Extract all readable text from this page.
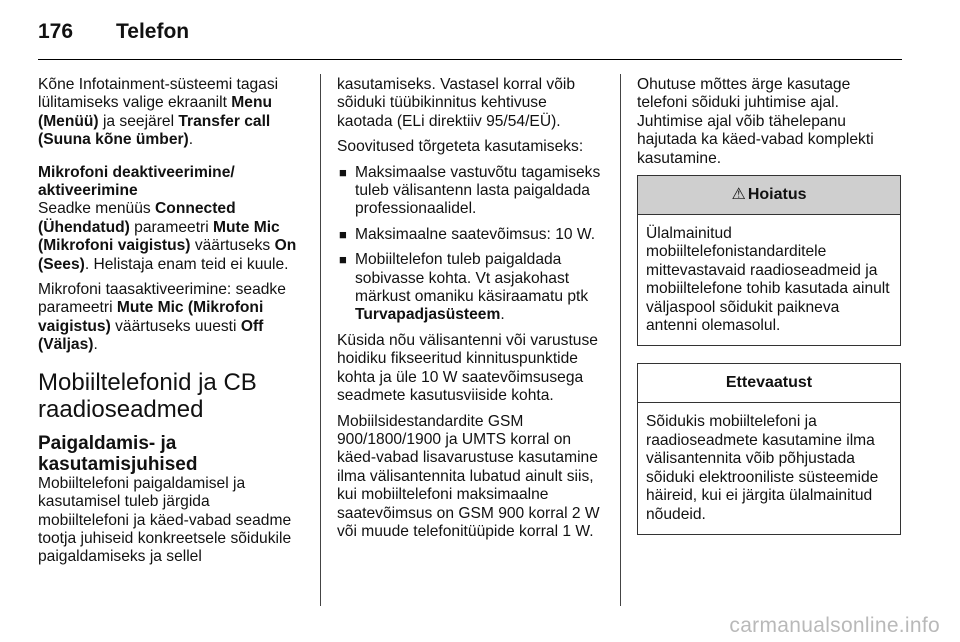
176	Telefon

Kõne Infotainment-süsteemi tagasi lülitamiseks valige ekraanilt Menu (Menüü) ja seejärel Transfer call (Suuna kõne ümber).

Mikrofoni deaktiveerimine/ aktiveerimine

Seadke menüüs Connected (Ühendatud) parameetri Mute Mic (Mikrofoni vaigistus) väärtuseks On (Sees). Helistaja enam teid ei kuule.

Mikrofoni taasaktiveerimine: seadke parameetri Mute Mic (Mikrofoni vaigistus) väärtuseks uuesti Off (Väljas).

Mobiiltelefonid ja CB raadioseadmed
Paigaldamis- ja kasutamisjuhised

Mobiiltelefoni paigaldamisel ja kasutamisel tuleb järgida mobiiltelefoni ja käed-vabad seadme tootja juhiseid konkreetsele sõidukile paigaldamiseks ja sellel

kasutamiseks. Vastasel korral võib sõiduki tüübikinnitus kehtivuse kaotada (ELi direktiiv 95/54/EÜ).

Soovitused tõrgeteta kasutamiseks:

■ Maksimaalse vastuvõtu tagamiseks tuleb välisantenn lasta paigaldada professionaalidel.
■ Maksimaalne saatevõimsus: 10 W.
■ Mobiiltelefon tuleb paigaldada sobivasse kohta. Vt asjakohast märkust omaniku käsiraamatu ptk Turvapadjasüsteem.

Küsida nõu välisantenni või varustuse hoidiku fikseeritud kinnituspunktide kohta ja üle 10 W saatevõimsusega seadmete kasutusviiside kohta.

Mobiilsidestandardite GSM 900/1800/1900 ja UMTS korral on käed-vabad lisavarustuse kasutamine ilma välisantennita lubatud ainult siis, kui mobiiltelefoni maksimaalne saatevõimsus on GSM 900 korral 2 W või muude telefonitüüpide korral 1 W.

Ohutuse mõttes ärge kasutage telefoni sõiduki juhtimise ajal. Juhtimise ajal võib tähelepanu hajutada ka käed-vabad komplekti kasutamine.

⚠ Hoiatus
Ülalmainitud mobiiltelefonistandarditele mittevastavaid raadioseadmeid ja mobiiltelefone tohib kasutada ainult väljaspool sõidukit paikneva antenni olemasolul.
Ettevaatust
Sõidukis mobiiltelefoni ja raadioseadmete kasutamine ilma välisantennita võib põhjustada sõiduki elektrooniliste süsteemide häireid, kui ei järgita ülalmainitud nõudeid.
carmanualsonline.info
